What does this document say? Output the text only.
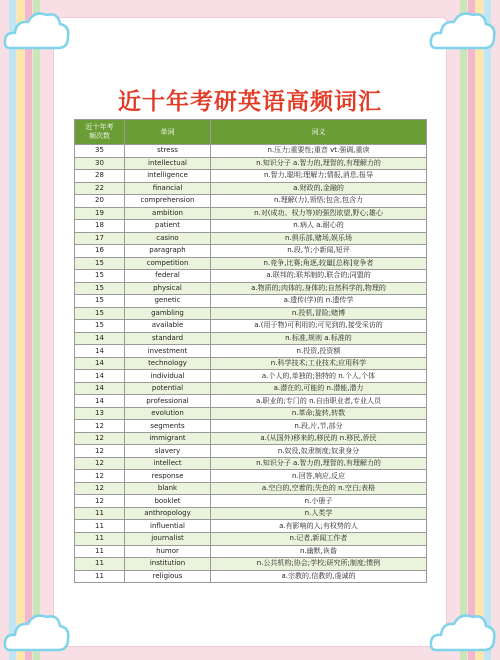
近十年考研英语高频词汇
近十年考频次数	单词	词义
35	stress	n.压力;重要性;重音 vt.强调,重读
30	intellectual	n.知识分子 a.智力的,理智的,有理解力的
28	intelligence	n.智力,聪明;理解力;情报,消息,报导
22	financial	a.财政的,金融的
20	comprehension	n.理解(力),领悟;包含,包含力
19	ambition	n.对(成功、权力等)的强烈欲望,野心;雄心
18	patient	n.病人 a.耐心的
17	casino	n.俱乐部,赌场,娱乐场
16	paragraph	n.段,节;小新闻,短评
15	competition	n.竞争,比赛;角逐,较量[总称]竞争者
15	federal	a.联邦的;联邦制的,联合的;同盟的
15	physical	a.物质的;肉体的,身体的;自然科学的,物理的
15	genetic	a.遗传(学)的 n.遗传学
15	gambling	n.投机,冒险;赌博
15	available	a.(用于物)可利用的;可见到的,接受采访的
14	standard	n.标准,规则 a.标准的
14	investment	n.投资,投资额
14	technology	n.科学技术;工业技术;应用科学
14	individual	a.个人的,单独的;独特的 n.个人,个体
14	potential	a.潜在的,可能的 n.潜能,潜力
14	professional	a.职业的;专门的 n.自由职业者,专业人员
13	evolution	n.革命;旋转,转数
12	segments	n.段,片,节,部分
12	immigrant	a.(从国外)移来的,移民的 n.移民,侨民
12	slavery	n.奴役,奴隶制度;奴隶身分
12	intellect	n.知识分子 a.智力的,理智的,有理解力的
12	response	n.回答,响应,反应
12	blank	a.空白的,空着的;失色的 n.空白;表格
12	booklet	n.小册子
11	anthropology	n.人类学
11	influential	a.有影响的人;有权势的人
11	journalist	n.记者,新闻工作者
11	humor	n.幽默,诙谐
11	institution	n.公共机构;协会;学校;研究所;制度;惯例
11	religious	a.宗教的,信教的,虔诚的
